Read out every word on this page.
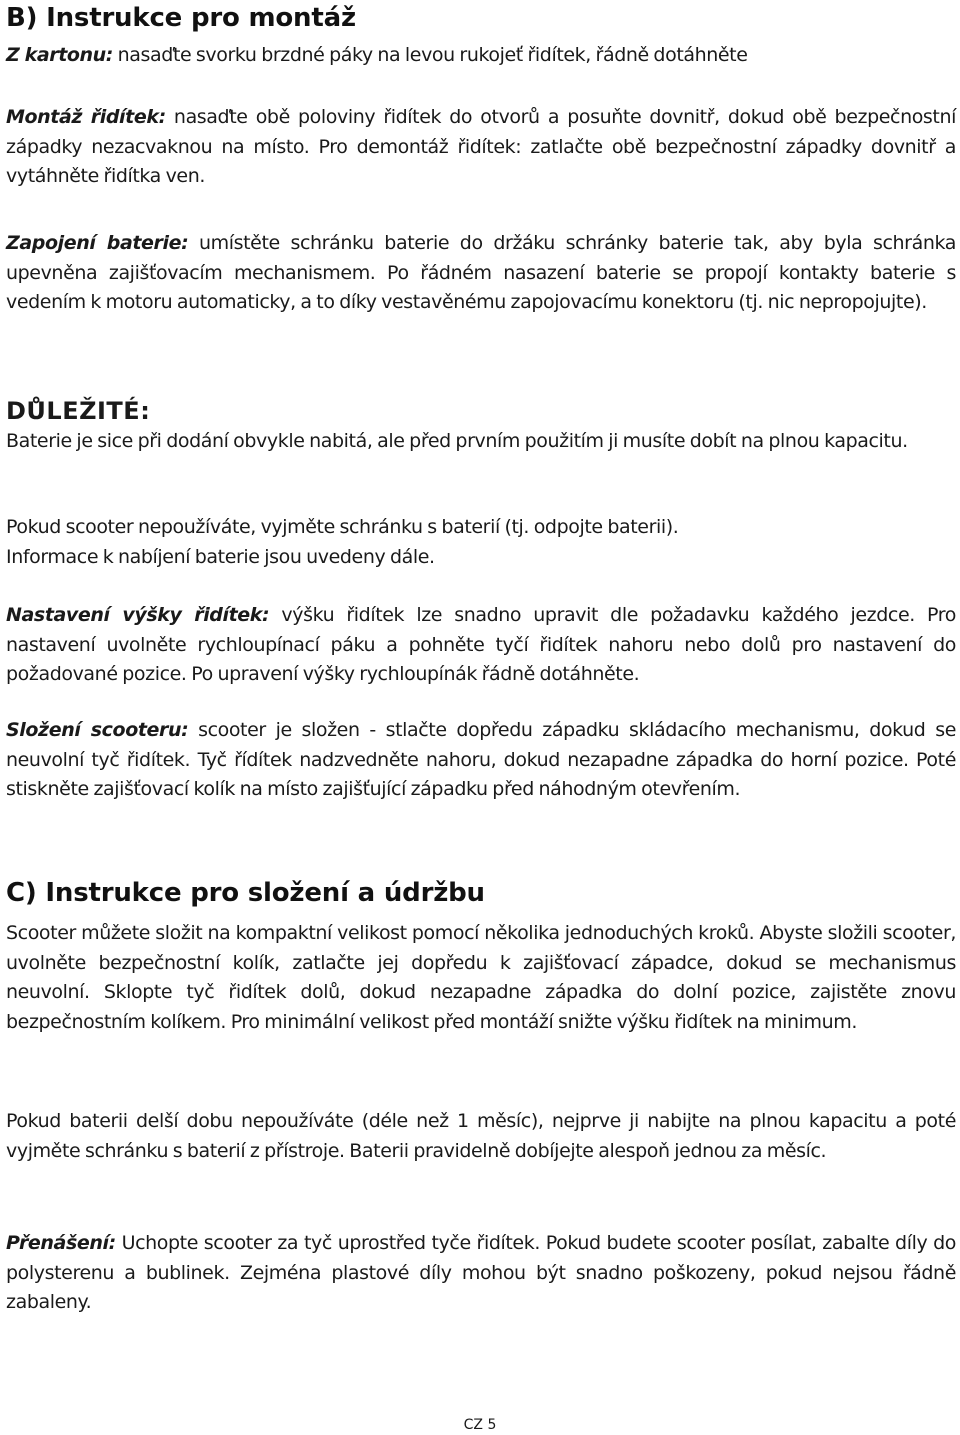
B) Instrukce pro montáž

Z kartonu: nasaďte svorku brzdné páky na levou rukojeť řidítek, řádně dotáhněte

Montáž řidítek: nasaďte obě poloviny řidítek do otvorů a posuňte dovnitř, dokud obě bezpečnostní západky nezacvaknou na místo. Pro demontáž řidítek: zatlačte obě bezpečnostní západky dovnitř a vytáhněte řidítka ven.

Zapojení baterie: umístěte schránku baterie do držáku schránky baterie tak, aby byla schránka upevněna zajišťovacím mechanismem. Po řádném nasazení baterie se propojí kontakty baterie s vedením k motoru automaticky, a to díky vestavěnému zapojovacímu konektoru (tj. nic nepropojujte).

DŮLEŽITÉ:

Baterie je sice při dodání obvykle nabitá, ale před prvním použitím ji musíte dobít na plnou kapacitu.

Pokud scooter nepoužíváte, vyjměte schránku s baterií (tj. odpojte baterii).
Informace k nabíjení baterie jsou uvedeny dále.

Nastavení výšky řidítek: výšku řidítek lze snadno upravit dle požadavku každého jezdce. Pro nastavení uvolněte rychloupínací páku a pohněte tyčí řidítek nahoru nebo dolů pro nastavení do požadované pozice. Po upravení výšky rychloupínák řádně dotáhněte.

Složení scooteru: scooter je složen - stlačte dopředu západku skládacího mechanismu, dokud se neuvolní tyč řidítek. Tyč řídítek nadzvedněte nahoru, dokud nezapadne západka do horní pozice. Poté stiskněte zajišťovací kolík na místo zajišťující západku před náhodným otevřením.

C) Instrukce pro složení a údržbu

Scooter můžete složit na kompaktní velikost pomocí několika jednoduchých kroků. Abyste složili scooter, uvolněte bezpečnostní kolík, zatlačte jej dopředu k zajišťovací západce, dokud se mechanismus neuvolní. Sklopte tyč řidítek dolů, dokud nezapadne západka do dolní pozice, zajistěte znovu bezpečnostním kolíkem. Pro minimální velikost před montáží snižte výšku řidítek na minimum.

Pokud baterii delší dobu nepoužíváte (déle než 1 měsíc), nejprve ji nabijte na plnou kapacitu a poté vyjměte schránku s baterií z přístroje. Baterii pravidelně dobíjejte alespoň jednou za měsíc.

Přenášení: Uchopte scooter za tyč uprostřed tyče řidítek. Pokud budete scooter posílat, zabalte díly do polysterenu a bublinek. Zejména plastové díly mohou být snadno poškozeny, pokud nejsou řádně zabaleny.

CZ 5
